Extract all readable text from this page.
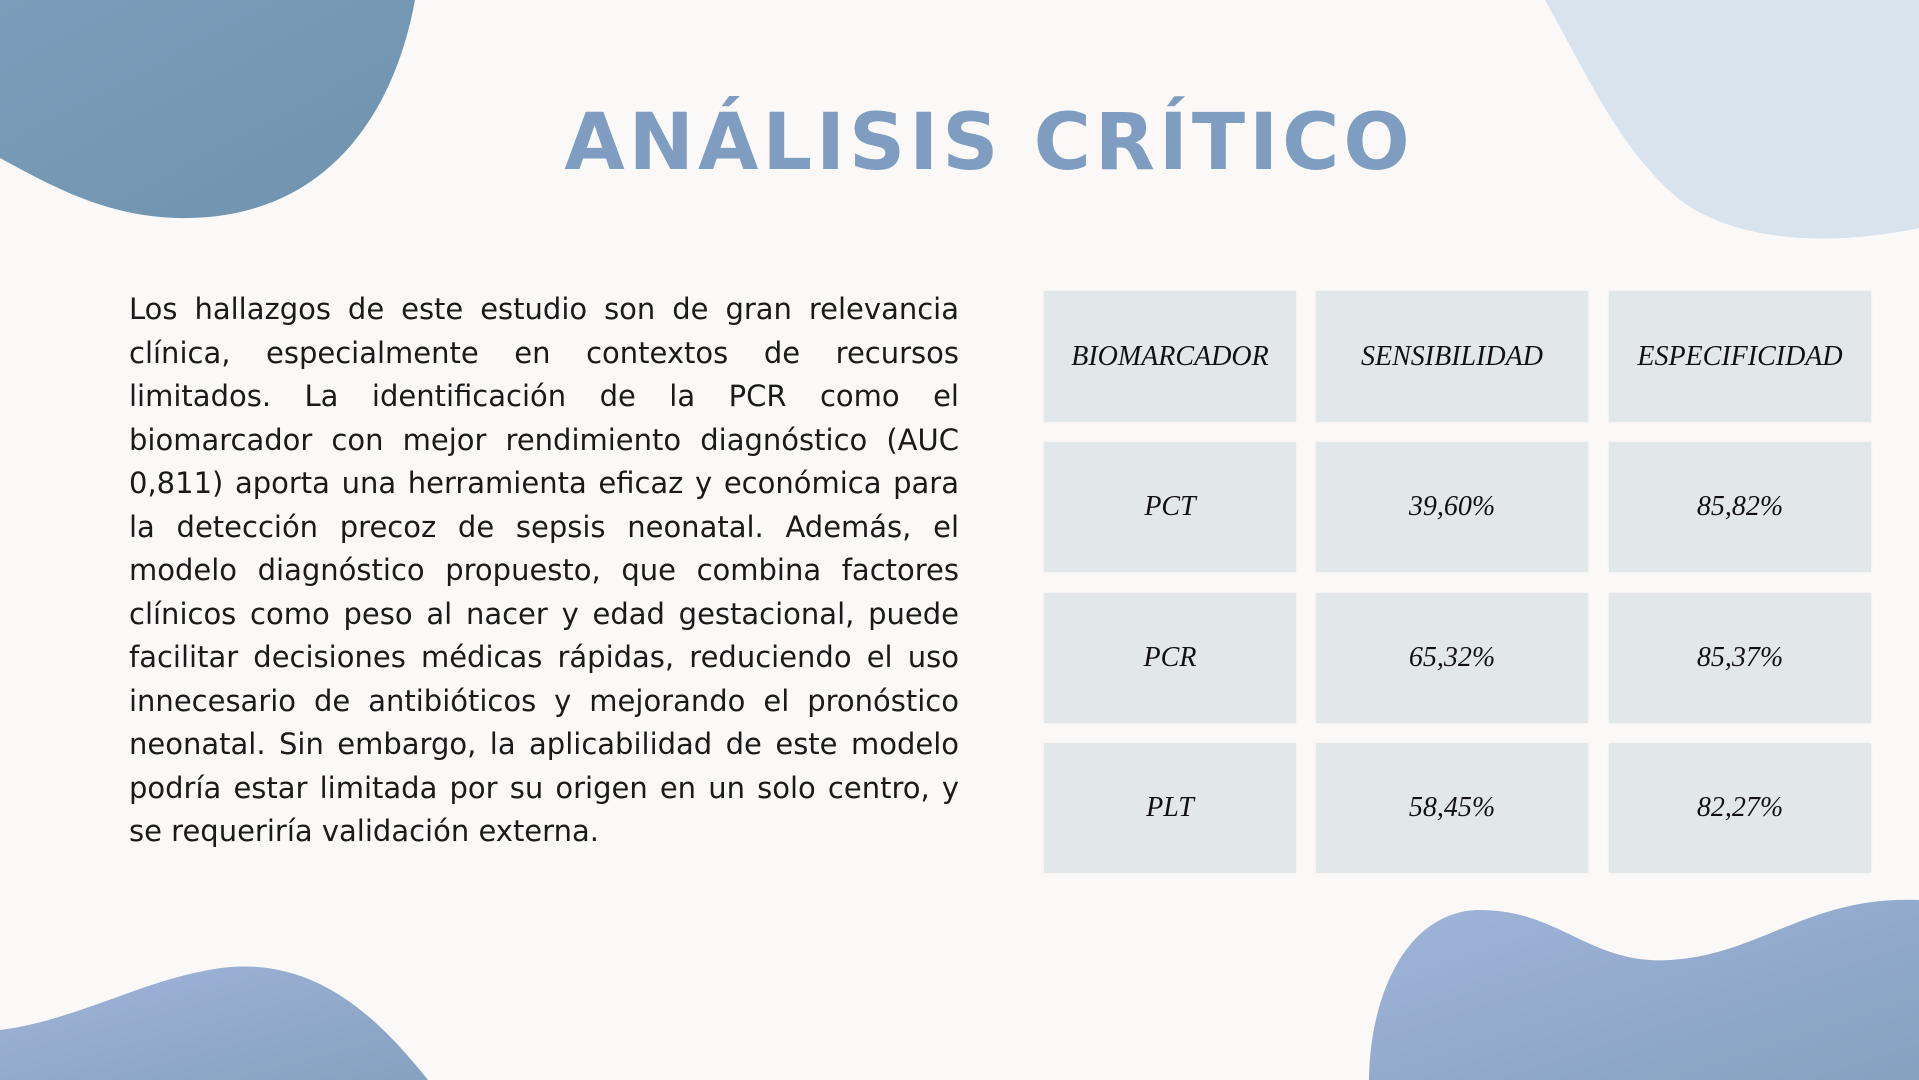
ANÁLISIS CRÍTICO

Los hallazgos de este estudio son de gran relevancia clínica, especialmente en contextos de recursos limitados. La identificación de la PCR como el biomarcador con mejor rendimiento diagnóstico (AUC 0,811) aporta una herramienta eficaz y económica para la detección precoz de sepsis neonatal. Además, el modelo diagnóstico propuesto, que combina factores clínicos como peso al nacer y edad gestacional, puede facilitar decisiones médicas rápidas, reduciendo el uso innecesario de antibióticos y mejorando el pronóstico neonatal. Sin embargo, la aplicabilidad de este modelo podría estar limitada por su origen en un solo centro, y se requeriría validación externa.

BIOMARCADOR	SENSIBILIDAD	ESPECIFICIDAD
PCT	39,60%	85,82%
PCR	65,32%	85,37%
PLT	58,45%	82,27%
